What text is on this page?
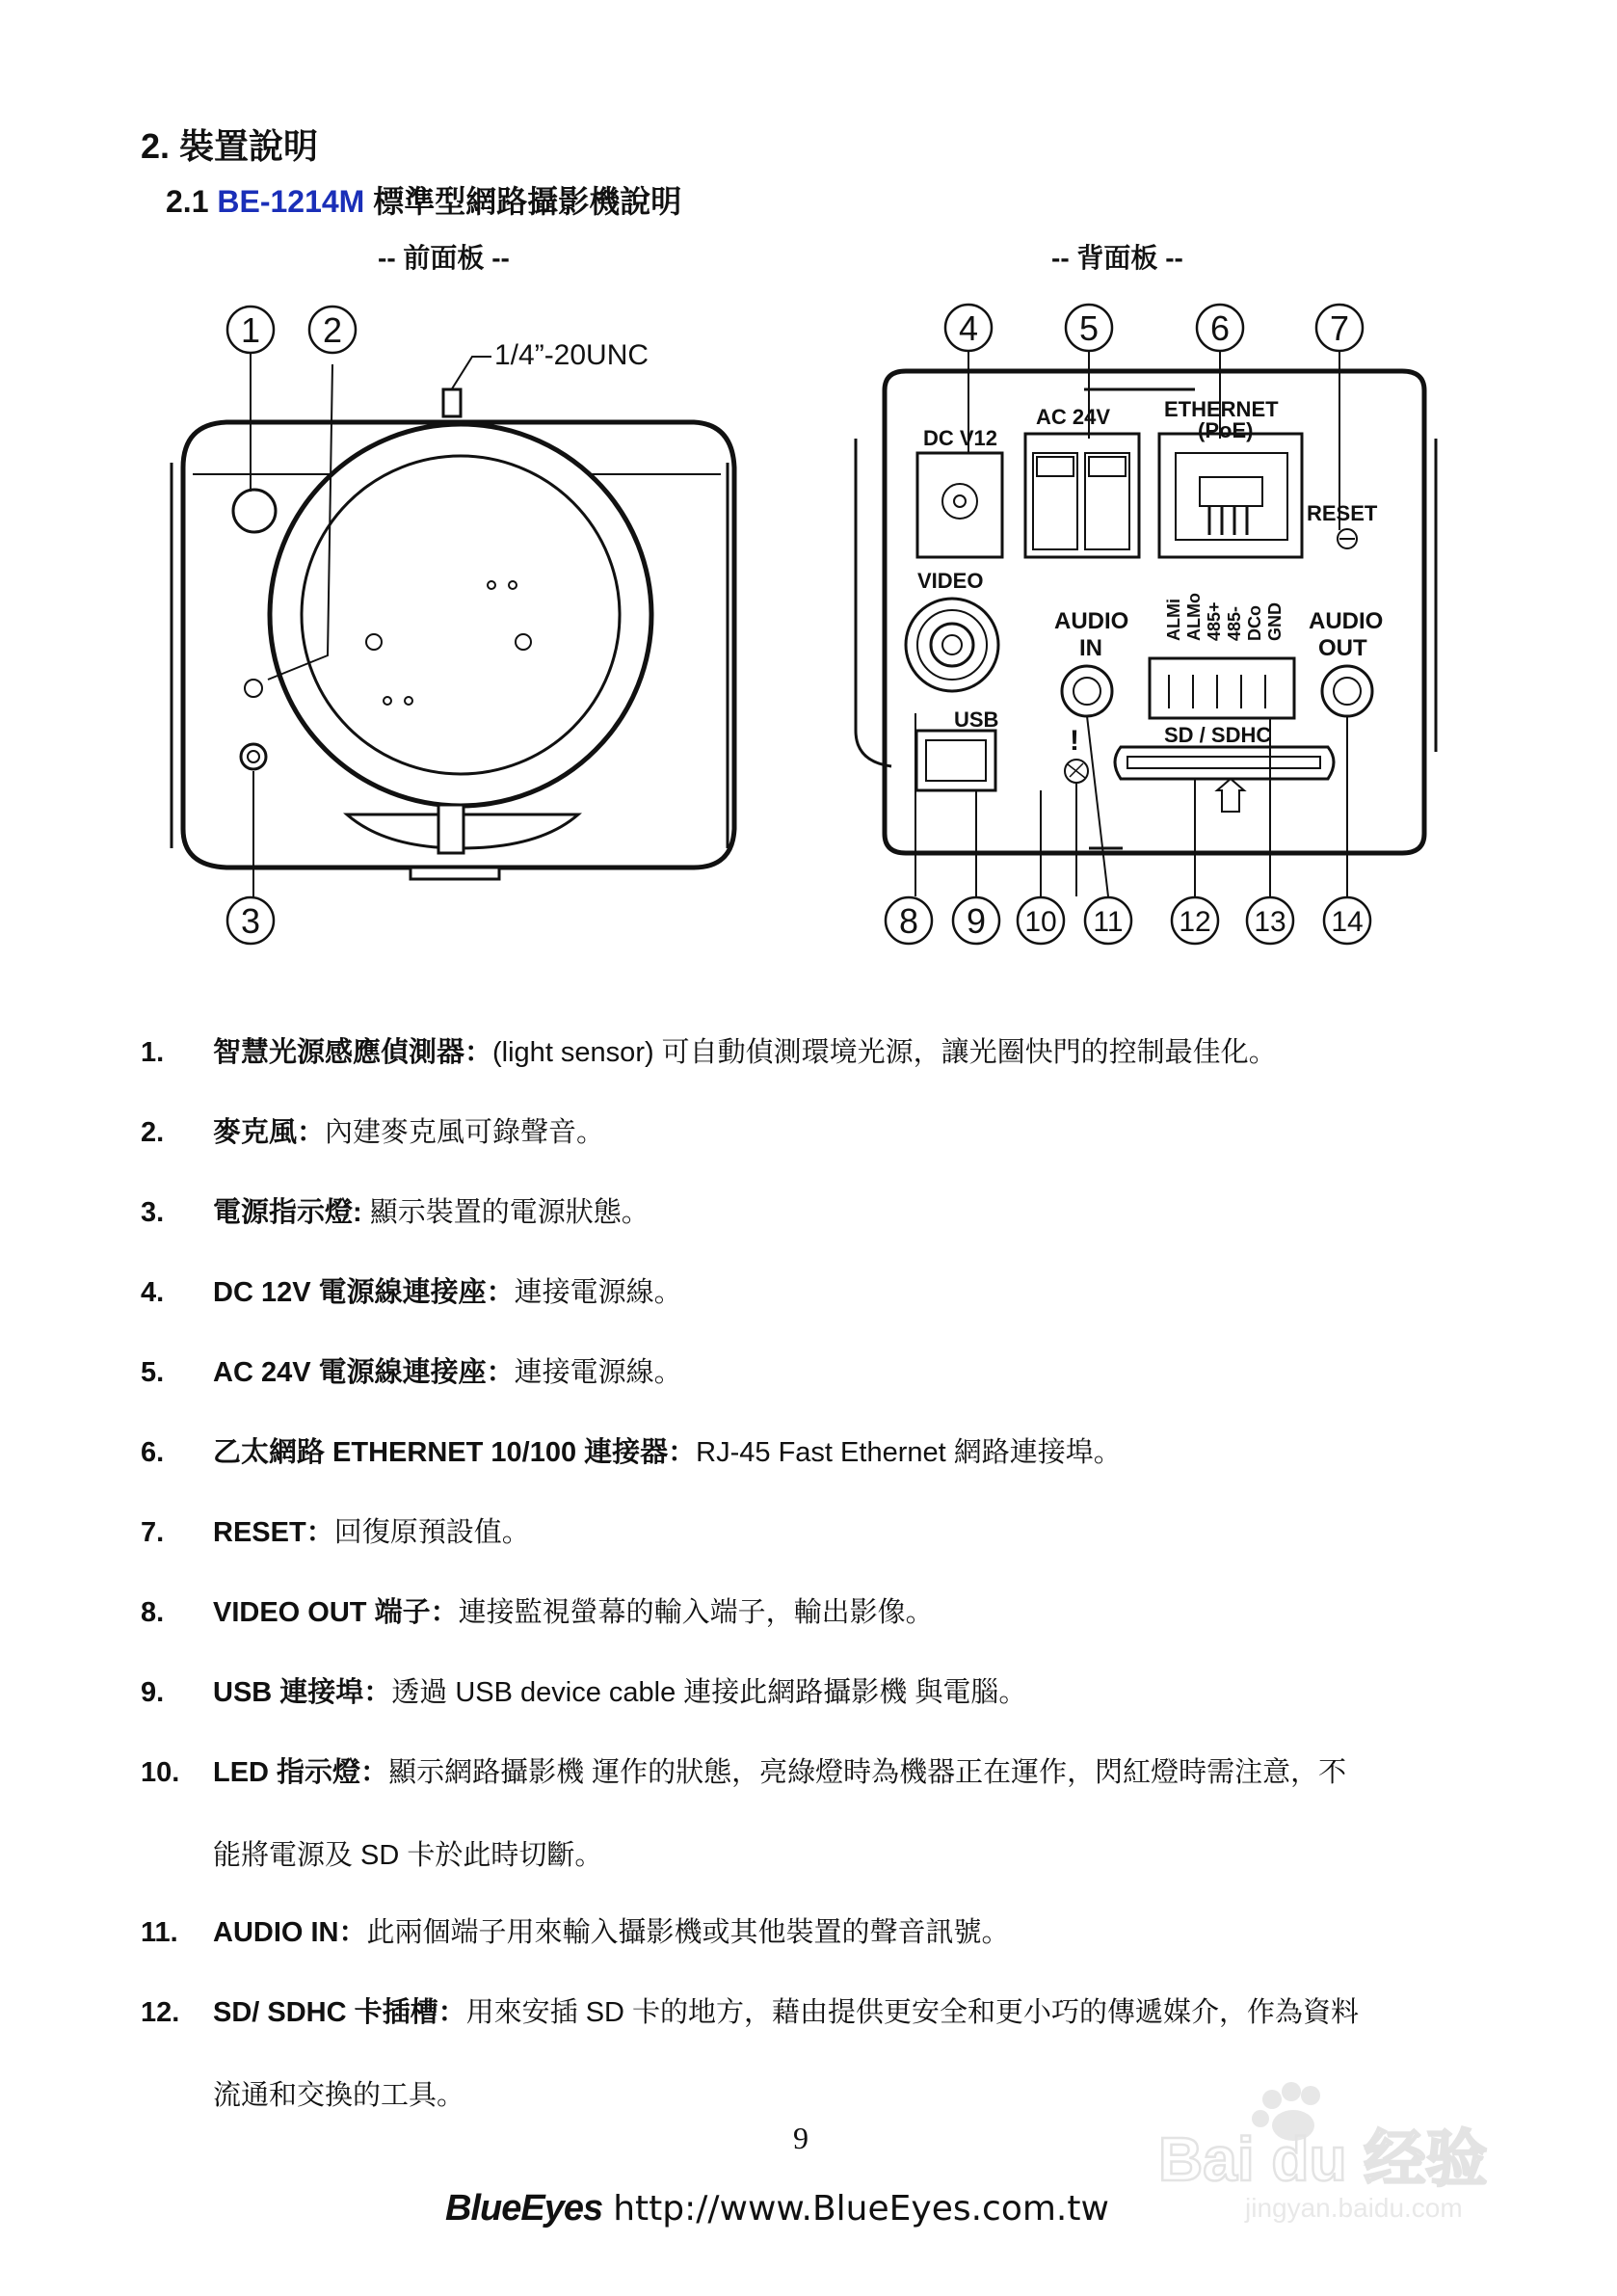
2. 裝置說明
2.1 BE-1214M 標準型網路攝影機說明
-- 前面板 --	-- 背面板 --
1/4”-20UNC
!
DC V12
AC 24V	ETHERNET
(PoE)
RESET
VIDEO
AUDIO
IN
AUDIO
OUT
USB
SD / SDHC
ALMi ALMo 485+ 485- DCo GND
1 2
3
4	5	6	7
8 9 10 11 12 13 14
1. 智慧光源感應偵測器：(light sensor) 可自動偵測環境光源，讓光圈快門的控制最佳化。
2. 麥克風：內建麥克風可錄聲音。
3. 電源指示燈: 顯示裝置的電源狀態。
4. DC 12V 電源線連接座：連接電源線。
5. AC 24V 電源線連接座：連接電源線。
6. 乙太網路 ETHERNET 10/100 連接器：RJ-45 Fast Ethernet 網路連接埠。
7. RESET：回復原預設值。
8. VIDEO OUT 端子：連接監視螢幕的輸入端子，輸出影像。
9. USB 連接埠：透過 USB device cable 連接此網路攝影機 與電腦。
10. LED 指示燈：顯示網路攝影機 運作的狀態，亮綠燈時為機器正在運作，閃紅燈時需注意，不
能將電源及 SD 卡於此時切斷。
11. AUDIO IN：此兩個端子用來輸入攝影機或其他裝置的聲音訊號。
12. SD/ SDHC 卡插槽：用來安插 SD 卡的地方，藉由提供更安全和更小巧的傳遞媒介，作為資料
流通和交換的工具。
9
BlueEyes http://www.BlueEyes.com.tw
Bai du 经验
jingyan.baidu.com
